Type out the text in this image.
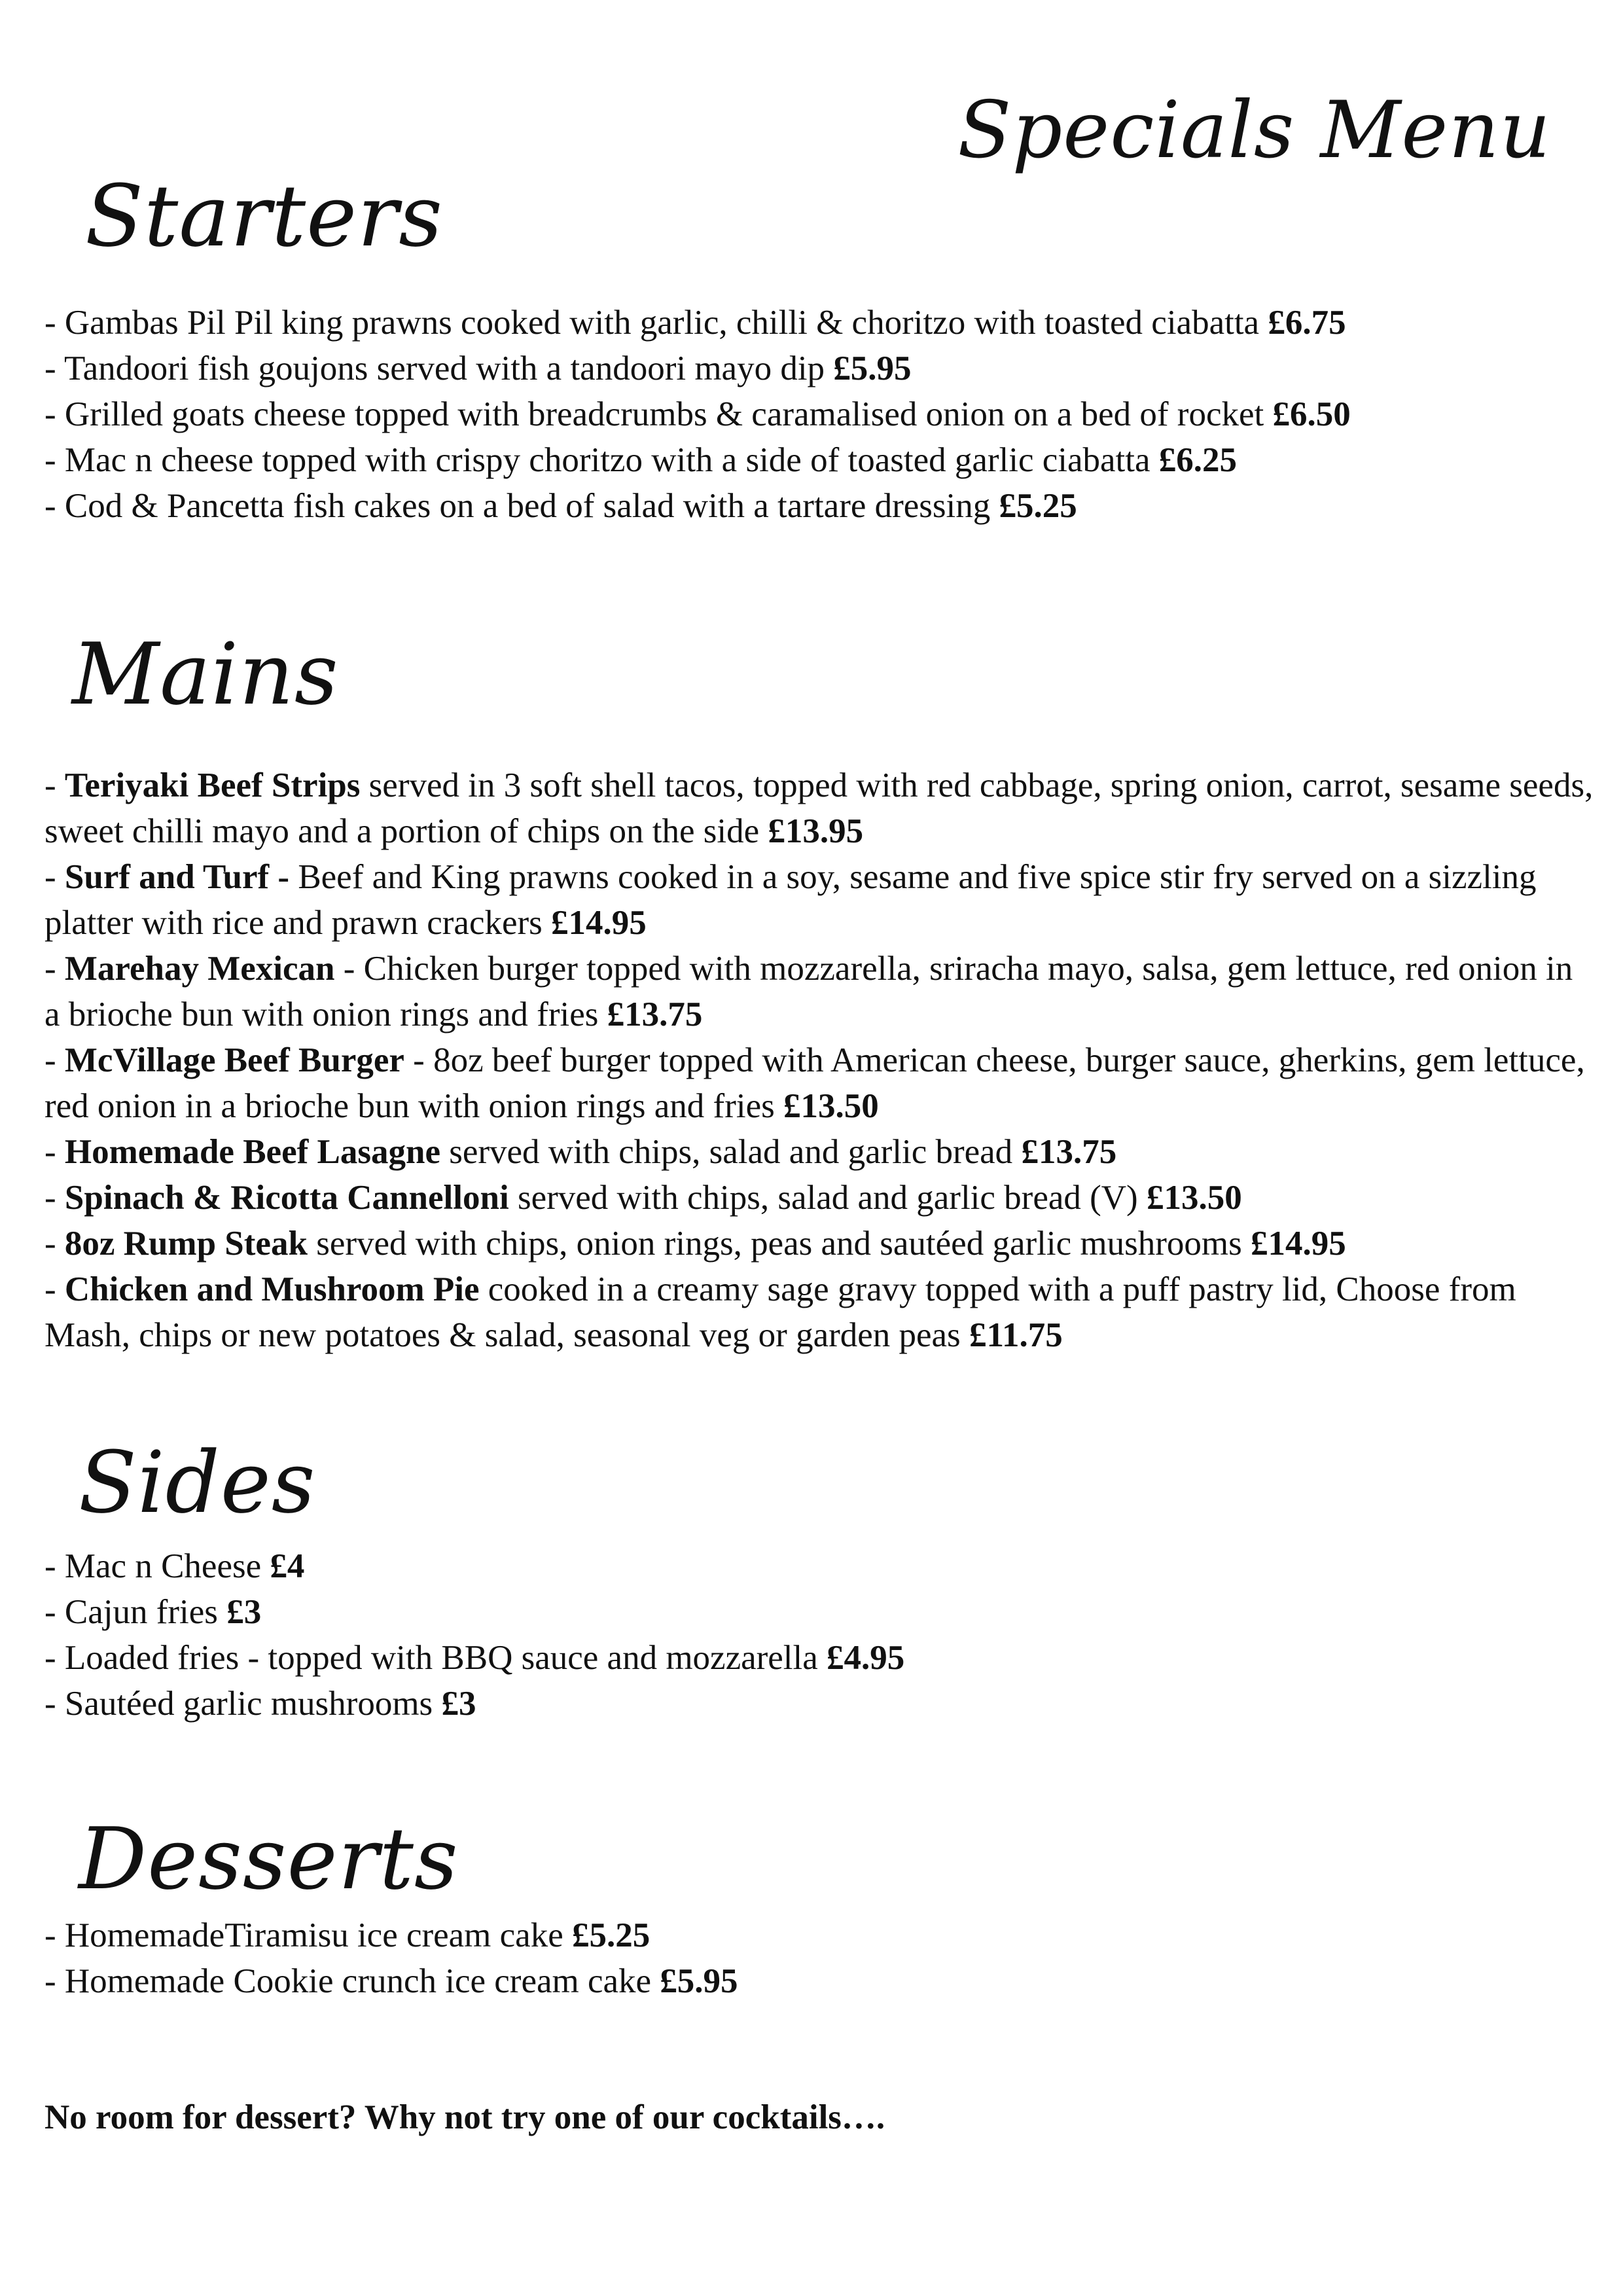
Specials Menu
Starters

- Gambas Pil Pil king prawns cooked with garlic, chilli & choritzo with toasted ciabatta £6.75

- Tandoori fish goujons served with a tandoori mayo dip £5.95

- Grilled goats cheese topped with breadcrumbs & caramalised onion on a bed of rocket £6.50

- Mac n cheese topped with crispy choritzo with a side of toasted garlic ciabatta £6.25

- Cod & Pancetta fish cakes on a bed of salad with a tartare dressing £5.25

Mains

- Teriyaki Beef Strips served in 3 soft shell tacos, topped with red cabbage, spring onion, carrot, sesame seeds, sweet chilli mayo and a portion of chips on the side £13.95

- Surf and Turf - Beef and King prawns cooked in a soy, sesame and five spice stir fry served on a sizzling platter with rice and prawn crackers £14.95

- Marehay Mexican - Chicken burger topped with mozzarella, sriracha mayo, salsa, gem lettuce, red onion in a brioche bun with onion rings and fries £13.75

- McVillage Beef Burger - 8oz beef burger topped with American cheese, burger sauce, gherkins, gem lettuce, red onion in a brioche bun with onion rings and fries £13.50

- Homemade Beef Lasagne served with chips, salad and garlic bread £13.75

- Spinach & Ricotta Cannelloni served with chips, salad and garlic bread (V) £13.50

- 8oz Rump Steak served with chips, onion rings, peas and sautéed garlic mushrooms £14.95

- Chicken and Mushroom Pie cooked in a creamy sage gravy topped with a puff pastry lid, Choose from Mash, chips or new potatoes & salad, seasonal veg or garden peas £11.75

Sides

- Mac n Cheese £4

- Cajun fries £3

- Loaded fries - topped with BBQ sauce and mozzarella £4.95

- Sautéed garlic mushrooms £3

Desserts

- HomemadeTiramisu ice cream cake £5.25

- Homemade Cookie crunch ice cream cake £5.95

No room for dessert? Why not try one of our cocktails….
